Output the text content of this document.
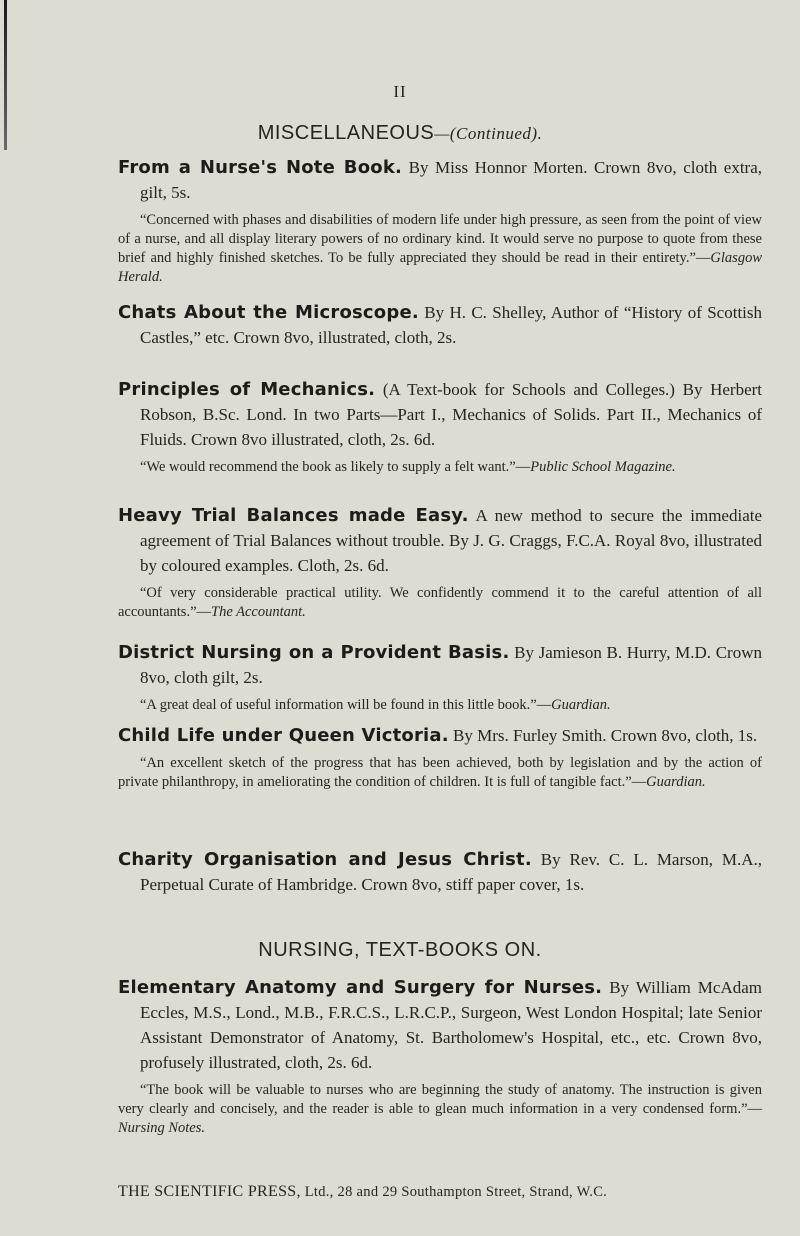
II
MISCELLANEOUS—(Continued).

From a Nurse's Note Book. By Miss Honnor Morten. Crown 8vo, cloth extra, gilt, 5s.

“Concerned with phases and disabilities of modern life under high pressure, as seen from the point of view of a nurse, and all display literary powers of no ordinary kind. It would serve no purpose to quote from these brief and highly finished sketches. To be fully appreciated they should be read in their entirety.”—Glasgow Herald.

Chats About the Microscope. By H. C. Shelley, Author of “History of Scottish Castles,” etc. Crown 8vo, illustrated, cloth, 2s.

Principles of Mechanics. (A Text-book for Schools and Colleges.) By Herbert Robson, B.Sc. Lond. In two Parts—Part I., Mechanics of Solids. Part II., Mechanics of Fluids. Crown 8vo illustrated, cloth, 2s. 6d.

“We would recommend the book as likely to supply a felt want.”—Public School Magazine.

Heavy Trial Balances made Easy. A new method to secure the immediate agreement of Trial Balances without trouble. By J. G. Craggs, F.C.A. Royal 8vo, illustrated by coloured examples. Cloth, 2s. 6d.

“Of very considerable practical utility. We confidently commend it to the careful attention of all accountants.”—The Accountant.

District Nursing on a Provident Basis. By Jamieson B. Hurry, M.D. Crown 8vo, cloth gilt, 2s.

“A great deal of useful information will be found in this little book.”—Guardian.

Child Life under Queen Victoria. By Mrs. Furley Smith. Crown 8vo, cloth, 1s.

“An excellent sketch of the progress that has been achieved, both by legislation and by the action of private philanthropy, in ameliorating the condition of children. It is full of tangible fact.”—Guardian.

Charity Organisation and Jesus Christ. By Rev. C. L. Marson, M.A., Perpetual Curate of Hambridge. Crown 8vo, stiff paper cover, 1s.

NURSING, TEXT-BOOKS ON.

Elementary Anatomy and Surgery for Nurses. By William McAdam Eccles, M.S., Lond., M.B., F.R.C.S., L.R.C.P., Surgeon, West London Hospital; late Senior Assistant Demonstrator of Anatomy, St. Bartholomew's Hospital, etc., etc. Crown 8vo, profusely illustrated, cloth, 2s. 6d.

“The book will be valuable to nurses who are beginning the study of anatomy. The instruction is given very clearly and concisely, and the reader is able to glean much information in a very condensed form.”—Nursing Notes.

THE SCIENTIFIC PRESS, Ltd., 28 and 29 Southampton Street, Strand, W.C.
